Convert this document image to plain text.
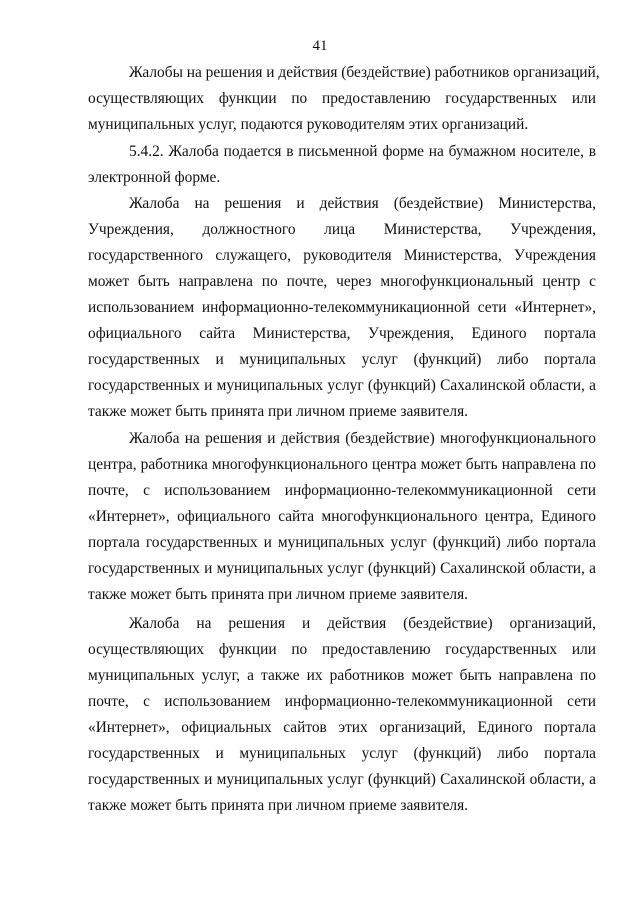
41
Жалобы на решения и действия (бездействие) работников организаций,
осуществляющих функции по предоставлению государственных или
муниципальных услуг, подаются руководителям этих организаций.
5.4.2. Жалоба подается в письменной форме на бумажном носителе, в
электронной форме.
Жалоба на решения и действия (бездействие) Министерства,
Учреждения, должностного лица Министерства, Учреждения,
государственного служащего, руководителя Министерства, Учреждения
может быть направлена по почте, через многофункциональный центр с
использованием информационно-телекоммуникационной сети «Интернет»,
официального сайта Министерства, Учреждения, Единого портала
государственных и муниципальных услуг (функций) либо портала
государственных и муниципальных услуг (функций) Сахалинской области, а
также может быть принята при личном приеме заявителя.
Жалоба на решения и действия (бездействие) многофункционального
центра, работника многофункционального центра может быть направлена по
почте, с использованием информационно-телекоммуникационной сети
«Интернет», официального сайта многофункционального центра, Единого
портала государственных и муниципальных услуг (функций) либо портала
государственных и муниципальных услуг (функций) Сахалинской области, а
также может быть принята при личном приеме заявителя.
Жалоба на решения и действия (бездействие) организаций,
осуществляющих функции по предоставлению государственных или
муниципальных услуг, а также их работников может быть направлена по
почте, с использованием информационно-телекоммуникационной сети
«Интернет», официальных сайтов этих организаций, Единого портала
государственных и муниципальных услуг (функций) либо портала
государственных и муниципальных услуг (функций) Сахалинской области, а
также может быть принята при личном приеме заявителя.
